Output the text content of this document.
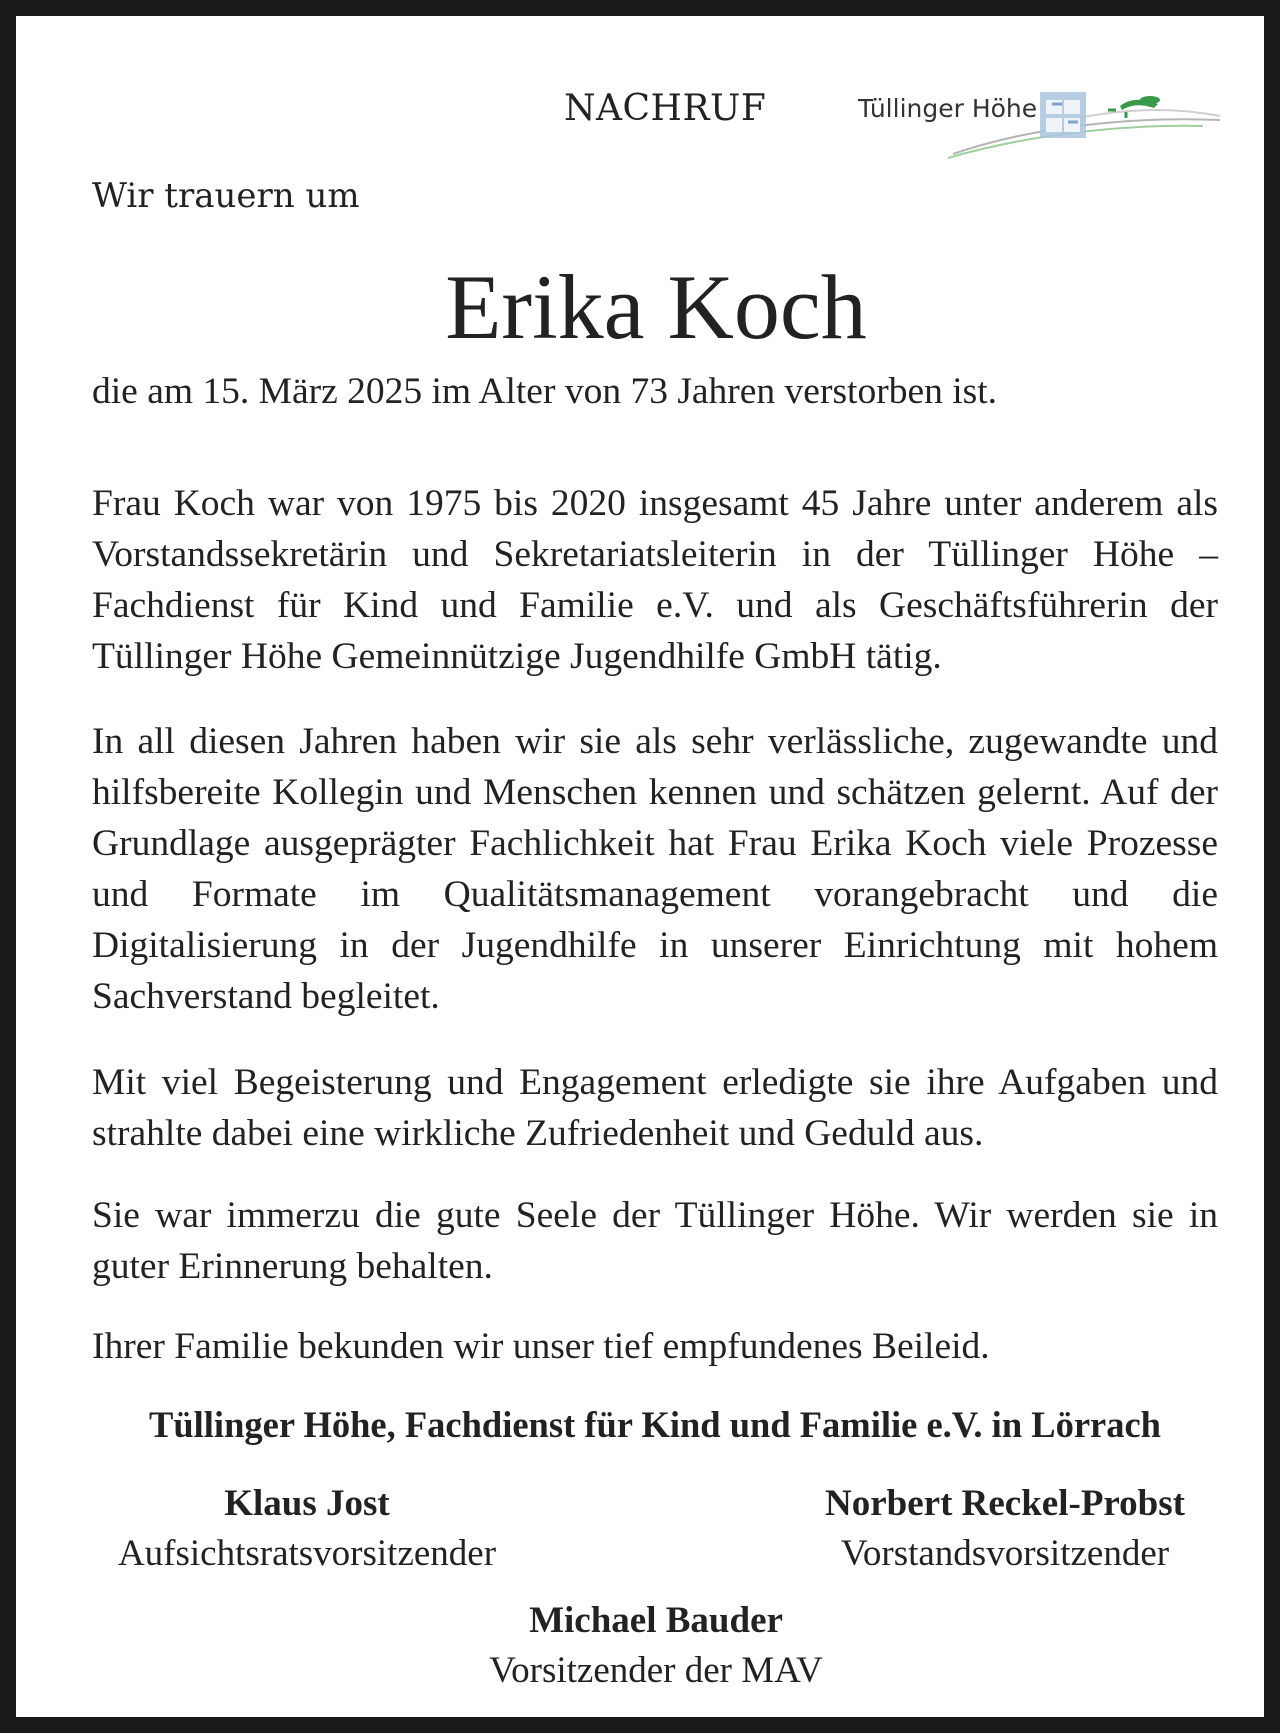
NACHRUF	Tüllinger Höhe
Wir trauern um
Erika Koch

die am 15. März 2025 im Alter von 73 Jahren verstorben ist.

Frau Koch war von 1975 bis 2020 insgesamt 45 Jahre unter anderem als Vorstandssekretärin und Sekretariatsleiterin in der Tüllinger Höhe – Fachdienst für Kind und Familie e.V. und als Geschäftsführerin der Tüllinger Höhe Gemeinnützige Jugendhilfe GmbH tätig.

In all diesen Jahren haben wir sie als sehr verlässliche, zugewandte und hilfsbereite Kollegin und Menschen kennen und schätzen gelernt. Auf der Grundlage ausgeprägter Fachlichkeit hat Frau Erika Koch viele Prozesse und Formate im Qualitätsmanagement vorangebracht und die Digitalisierung in der Jugendhilfe in unserer Einrichtung mit hohem Sachverstand begleitet.

Mit viel Begeisterung und Engagement erledigte sie ihre Aufgaben und strahlte dabei eine wirkliche Zufriedenheit und Geduld aus.

Sie war immerzu die gute Seele der Tüllinger Höhe. Wir werden sie in guter Erinnerung behalten.

Ihrer Familie bekunden wir unser tief empfundenes Beileid.

Tüllinger Höhe, Fachdienst für Kind und Familie e.V. in Lörrach
Klaus Jost
Aufsichtsratsvorsitzender
Norbert Reckel-Probst
Vorstandsvorsitzender
Michael Bauder
Vorsitzender der MAV
